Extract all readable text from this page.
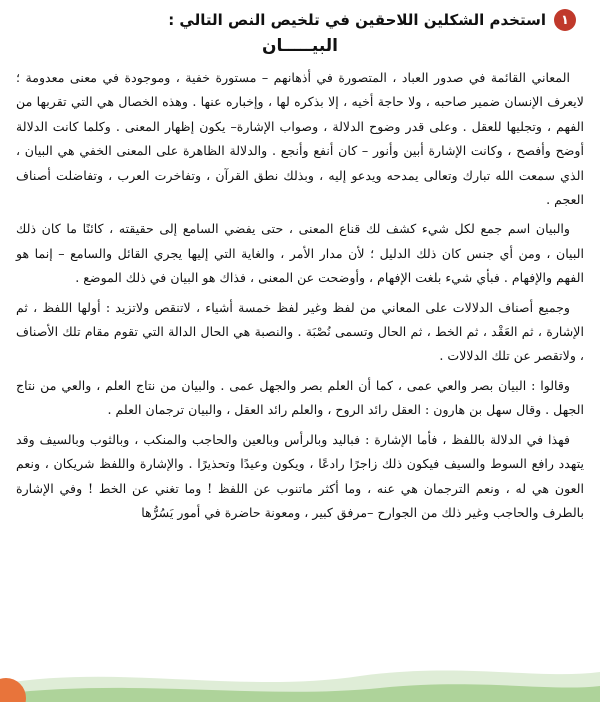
١
استخدم الشكلين اللاحقين في تلخيص النص التالي :
البيـــــان

المعاني القائمة في صدور العباد ، المتصورة في أذهانهم – مستورة خفية ، وموجودة في معنى معدومة ؛ لايعرف الإنسان ضمير صاحبه ، ولا حاجة أخيه ، إلا بذكره لها ، وإخباره عنها . وهذه الخصال هي التي تقربها من الفهم ، وتجليها للعقل . وعلى قدر وضوح الدلالة ، وصواب الإشارة– يكون إظهار المعنى . وكلما كانت الدلالة أوضح وأفصح ، وكانت الإشارة أبين وأنور – كان أنفع وأنجع . والدلالة الظاهرة على المعنى الخفي هي البيان ، الذي سمعت الله تبارك وتعالى يمدحه ويدعو إليه ، وبذلك نطق القرآن ، وتفاخرت العرب ، وتفاضلت أصناف العجم .

والبيان اسم جمع لكل شيء كشف لك قناع المعنى ، حتى يفضي السامع إلى حقيقته ، كائنًا ما كان ذلك البيان ، ومن أي جنس كان ذلك الدليل ؛ لأن مدار الأمر ، والغاية التي إليها يجري القائل والسامع – إنما هو الفهم والإفهام . فبأي شيء بلغت الإفهام ، وأوضحت عن المعنى ، فذاك هو البيان في ذلك الموضع .

وجميع أصناف الدلالات على المعاني من لفظ وغير لفظ خمسة أشياء ، لاتنقص ولاتزيد : أولها اللفظ ، ثم الإشارة ، ثم العَقْد ، ثم الخط ، ثم الحال وتسمى نُصْبَة . والنصبة هي الحال الدالة التي تقوم مقام تلك الأصناف ، ولاتقصر عن تلك الدلالات .

وقالوا : البيان بصر والعي عمى ، كما أن العلم بصر والجهل عمى . والبيان من نتاج العلم ، والعي من نتاج الجهل . وقال سهل بن هارون : العقل رائد الروح ، والعلم رائد العقل ، والبيان ترجمان العلم .

فهذا في الدلالة باللفظ ، فأما الإشارة : فباليد وبالرأس وبالعين والحاجب والمنكب ، وبالثوب وبالسيف وقد يتهدد رافع السوط والسيف فيكون ذلك زاجرًا رادعًا ، ويكون وعيدًا وتحذيرًا . والإشارة واللفظ شريكان ، ونعم العون هي له ، ونعم الترجمان هي عنه ، وما أكثر ماتنوب عن اللفظ ! وما تغني عن الخط ! وفي الإشارة بالطرف والحاجب وغير ذلك من الجوارح –مرفق كبير ، ومعونة حاضرة في أمور يَسُرُّها
